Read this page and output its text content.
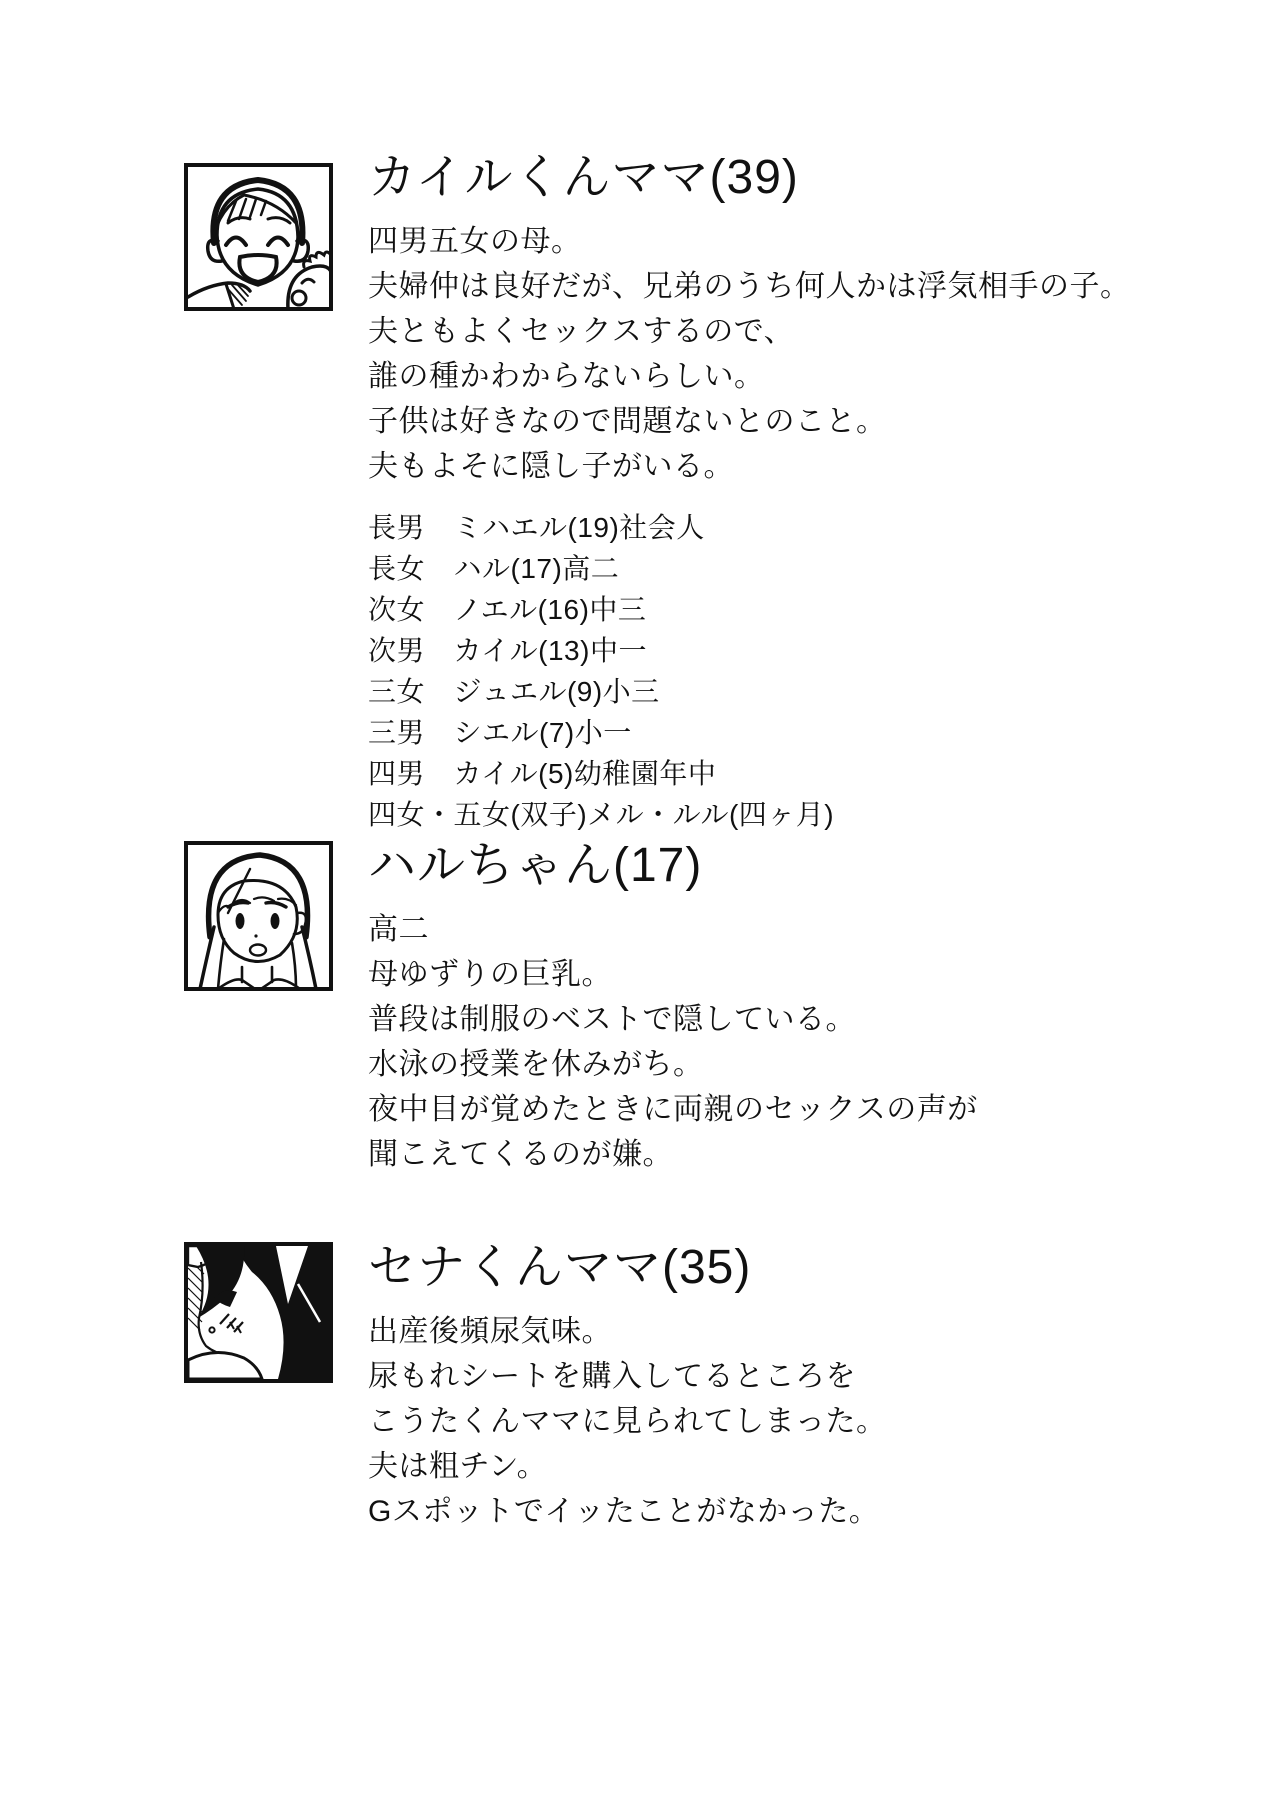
カイルくんママ(39)
四男五女の母。
夫婦仲は良好だが、兄弟のうち何人かは浮気相手の子。
夫ともよくセックスするので、
誰の種かわからないらしい。
子供は好きなので問題ないとのこと。
夫もよそに隠し子がいる。
長男　ミハエル(19)社会人
長女　ハル(17)高二
次女　ノエル(16)中三
次男　カイル(13)中一
三女　ジュエル(9)小三
三男　シエル(7)小一
四男　カイル(5)幼稚園年中
四女・五女(双子)メル・ルル(四ヶ月)
ハルちゃん(17)
高二
母ゆずりの巨乳。
普段は制服のベストで隠している。
水泳の授業を休みがち。
夜中目が覚めたときに両親のセックスの声が
聞こえてくるのが嫌。
セナくんママ(35)
出産後頻尿気味。
尿もれシートを購入してるところを
こうたくんママに見られてしまった。
夫は粗チン。
Gスポットでイッたことがなかった。
